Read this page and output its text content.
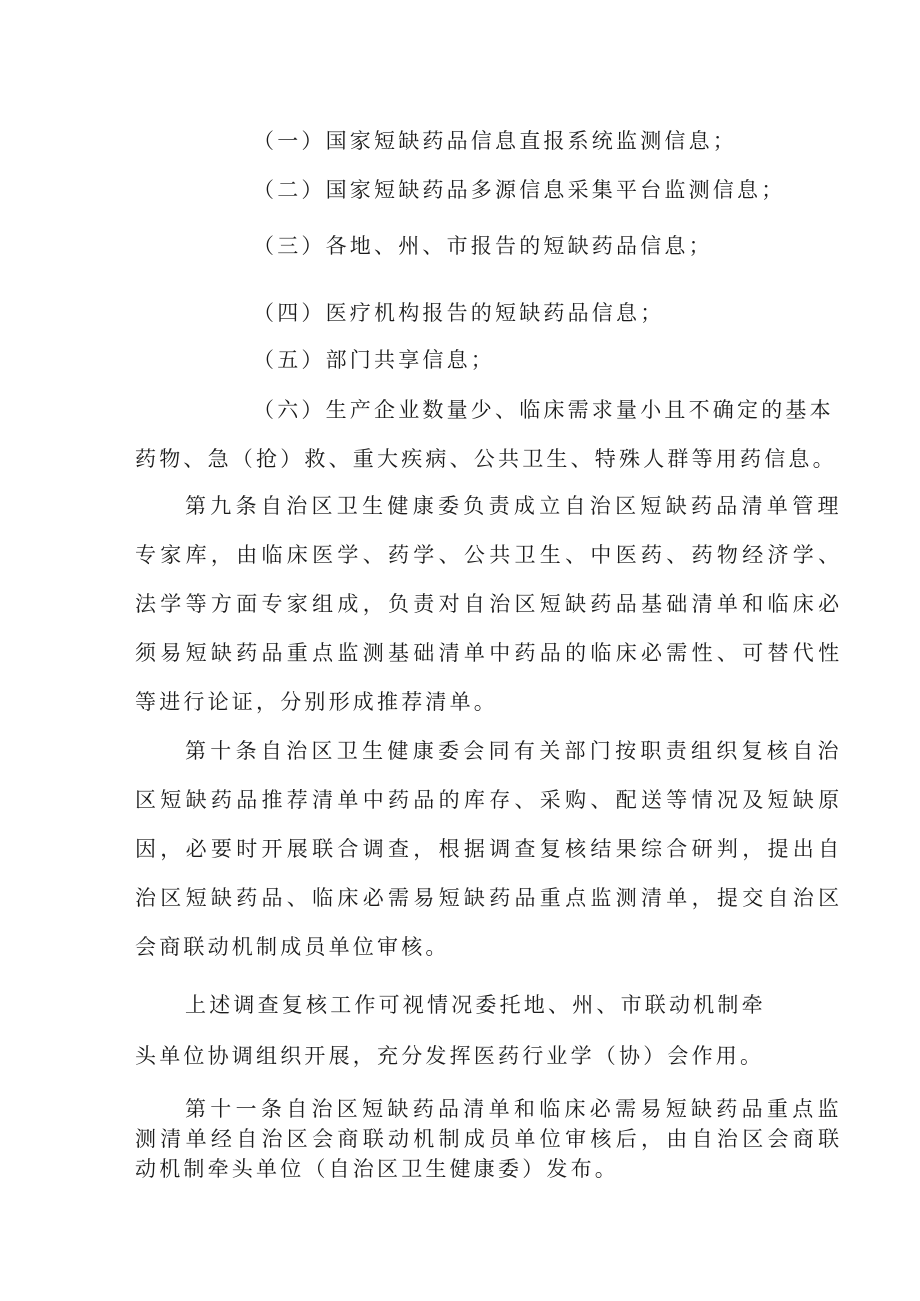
（一）国家短缺药品信息直报系统监测信息；
（二）国家短缺药品多源信息采集平台监测信息；
（三）各地、州、市报告的短缺药品信息；
（四）医疗机构报告的短缺药品信息；
（五）部门共享信息；
（六）生产企业数量少、临床需求量小且不确定的基本
药物、急（抢）救、重大疾病、公共卫生、特殊人群等用药信息。
第九条自治区卫生健康委负责成立自治区短缺药品清单管理
专家库，由临床医学、药学、公共卫生、中医药、药物经济学、
法学等方面专家组成，负责对自治区短缺药品基础清单和临床必
须易短缺药品重点监测基础清单中药品的临床必需性、可替代性
等进行论证，分别形成推荐清单。
第十条自治区卫生健康委会同有关部门按职责组织复核自治
区短缺药品推荐清单中药品的库存、采购、配送等情况及短缺原
因，必要时开展联合调查，根据调查复核结果综合研判，提出自
治区短缺药品、临床必需易短缺药品重点监测清单，提交自治区
会商联动机制成员单位审核。
上述调查复核工作可视情况委托地、州、市联动机制牵
头单位协调组织开展，充分发挥医药行业学（协）会作用。
第十一条自治区短缺药品清单和临床必需易短缺药品重点监
测清单经自治区会商联动机制成员单位审核后，由自治区会商联
动机制牵头单位（自治区卫生健康委）发布。
